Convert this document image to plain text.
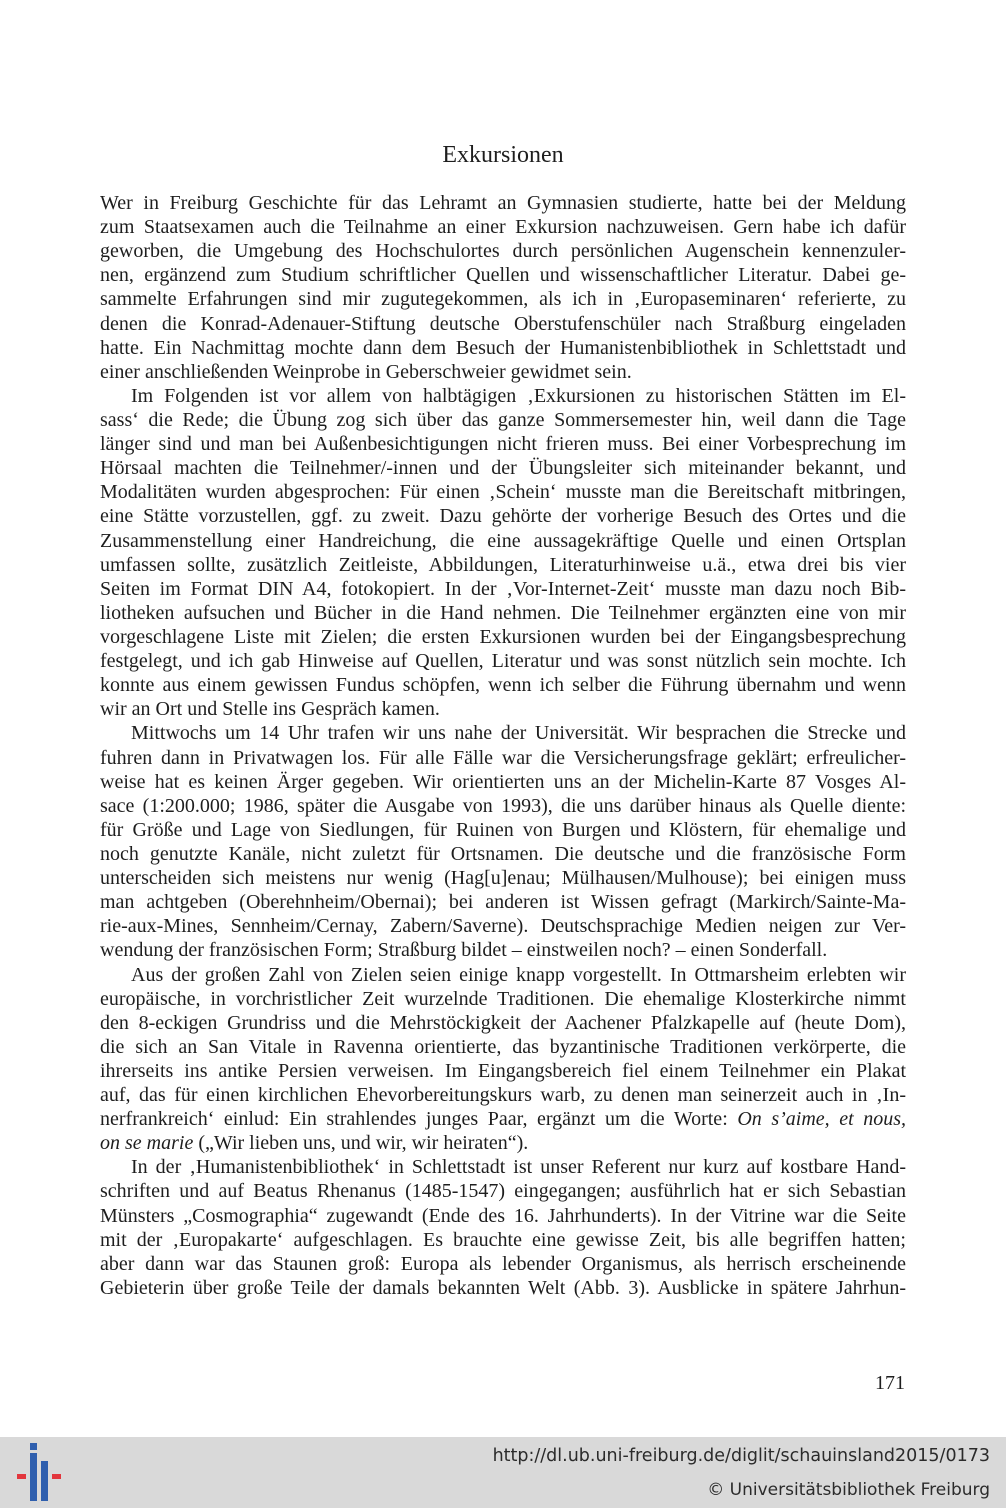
Exkursionen
Wer in Freiburg Geschichte für das Lehramt an Gymnasien studierte, hatte bei der Meldung
zum Staatsexamen auch die Teilnahme an einer Exkursion nachzuweisen. Gern habe ich dafür
geworben, die Umgebung des Hochschulortes durch persönlichen Augenschein kennenzuler-
nen, ergänzend zum Studium schriftlicher Quellen und wissenschaftlicher Literatur. Dabei ge-
sammelte Erfahrungen sind mir zugutegekommen, als ich in ‚Europaseminaren‘ referierte, zu
denen die Konrad-Adenauer-Stiftung deutsche Oberstufenschüler nach Straßburg eingeladen
hatte. Ein Nachmittag mochte dann dem Besuch der Humanistenbibliothek in Schlettstadt und
einer anschließenden Weinprobe in Geberschweier gewidmet sein.
Im Folgenden ist vor allem von halbtägigen ‚Exkursionen zu historischen Stätten im El-
sass‘ die Rede; die Übung zog sich über das ganze Sommersemester hin, weil dann die Tage
länger sind und man bei Außenbesichtigungen nicht frieren muss. Bei einer Vorbesprechung im
Hörsaal machten die Teilnehmer/-innen und der Übungsleiter sich miteinander bekannt, und
Modalitäten wurden abgesprochen: Für einen ‚Schein‘ musste man die Bereitschaft mitbringen,
eine Stätte vorzustellen, ggf. zu zweit. Dazu gehörte der vorherige Besuch des Ortes und die
Zusammenstellung einer Handreichung, die eine aussagekräftige Quelle und einen Ortsplan
umfassen sollte, zusätzlich Zeitleiste, Abbildungen, Literaturhinweise u.ä., etwa drei bis vier
Seiten im Format DIN A4, fotokopiert. In der ‚Vor-Internet-Zeit‘ musste man dazu noch Bib-
liotheken aufsuchen und Bücher in die Hand nehmen. Die Teilnehmer ergänzten eine von mir
vorgeschlagene Liste mit Zielen; die ersten Exkursionen wurden bei der Eingangsbesprechung
festgelegt, und ich gab Hinweise auf Quellen, Literatur und was sonst nützlich sein mochte. Ich
konnte aus einem gewissen Fundus schöpfen, wenn ich selber die Führung übernahm und wenn
wir an Ort und Stelle ins Gespräch kamen.
Mittwochs um 14 Uhr trafen wir uns nahe der Universität. Wir besprachen die Strecke und
fuhren dann in Privatwagen los. Für alle Fälle war die Versicherungsfrage geklärt; erfreulicher-
weise hat es keinen Ärger gegeben. Wir orientierten uns an der Michelin-Karte 87 Vosges Al-
sace (1:200.000; 1986, später die Ausgabe von 1993), die uns darüber hinaus als Quelle diente:
für Größe und Lage von Siedlungen, für Ruinen von Burgen und Klöstern, für ehemalige und
noch genutzte Kanäle, nicht zuletzt für Ortsnamen. Die deutsche und die französische Form
unterscheiden sich meistens nur wenig (Hag[u]enau; Mülhausen/Mulhouse); bei einigen muss
man achtgeben (Oberehnheim/Obernai); bei anderen ist Wissen gefragt (Markirch/Sainte-Ma-
rie-aux-Mines, Sennheim/Cernay, Zabern/Saverne). Deutschsprachige Medien neigen zur Ver-
wendung der französischen Form; Straßburg bildet – einstweilen noch? – einen Sonderfall.
Aus der großen Zahl von Zielen seien einige knapp vorgestellt. In Ottmarsheim erlebten wir
europäische, in vorchristlicher Zeit wurzelnde Traditionen. Die ehemalige Klosterkirche nimmt
den 8-eckigen Grundriss und die Mehrstöckigkeit der Aachener Pfalzkapelle auf (heute Dom),
die sich an San Vitale in Ravenna orientierte, das byzantinische Traditionen verkörperte, die
ihrerseits ins antike Persien verweisen. Im Eingangsbereich fiel einem Teilnehmer ein Plakat
auf, das für einen kirchlichen Ehevorbereitungskurs warb, zu denen man seinerzeit auch in ‚In-
nerfrankreich‘ einlud: Ein strahlendes junges Paar, ergänzt um die Worte: On s’aime, et nous,
on se marie („Wir lieben uns, und wir, wir heiraten“).
In der ‚Humanistenbibliothek‘ in Schlettstadt ist unser Referent nur kurz auf kostbare Hand-
schriften und auf Beatus Rhenanus (1485-1547) eingegangen; ausführlich hat er sich Sebastian
Münsters „Cosmographia“ zugewandt (Ende des 16. Jahrhunderts). In der Vitrine war die Seite
mit der ‚Europakarte‘ aufgeschlagen. Es brauchte eine gewisse Zeit, bis alle begriffen hatten;
aber dann war das Staunen groß: Europa als lebender Organismus, als herrisch erscheinende
Gebieterin über große Teile der damals bekannten Welt (Abb. 3). Ausblicke in spätere Jahrhun-
171
http://dl.ub.uni-freiburg.de/diglit/schauinsland2015/0173
© Universitätsbibliothek Freiburg
